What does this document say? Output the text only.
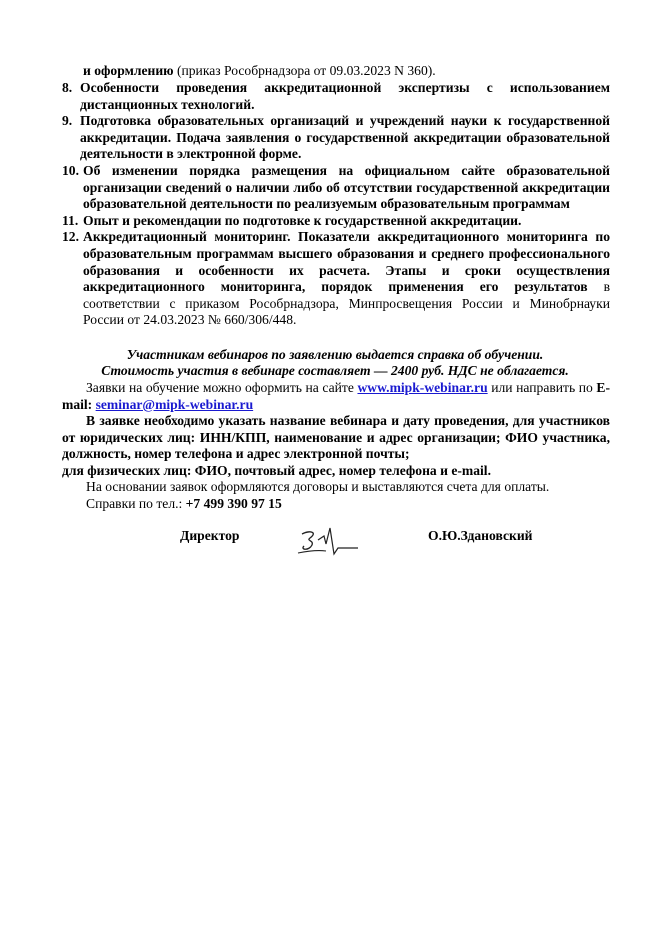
и оформлению (приказ Рособрнадзора от 09.03.2023 N 360).
8. Особенности проведения аккредитационной экспертизы с использованием дистанционных технологий.
9. Подготовка образовательных организаций и учреждений науки к государственной аккредитации. Подача заявления о государственной аккредитации образовательной деятельности в электронной форме.
10. Об изменении порядка размещения на официальном сайте образовательной организации сведений о наличии либо об отсутствии государственной аккредитации образовательной деятельности по реализуемым образовательным программам
11. Опыт и рекомендации по подготовке к государственной аккредитации.
12. Аккредитационный мониторинг. Показатели аккредитационного мониторинга по образовательным программам высшего образования и среднего профессионального образования и особенности их расчета. Этапы и сроки осуществления аккредитационного мониторинга, порядок применения его результатов в соответствии с приказом Рособрнадзора, Минпросвещения России и Минобрнауки России от 24.03.2023 № 660/306/448.
Участникам вебинаров по заявлению выдается справка об обучении.
Стоимость участия в вебинаре составляет — 2400 руб. НДС не облагается.
Заявки на обучение можно оформить на сайте www.mipk-webinar.ru или направить по E-mail: seminar@mipk-webinar.ru
В заявке необходимо указать название вебинара и дату проведения, для участников от юридических лиц: ИНН/КПП, наименование и адрес организации; ФИО участника, должность, номер телефона и адрес электронной почты;
для физических лиц: ФИО, почтовый адрес, номер телефона и e-mail.
На основании заявок оформляются договоры и выставляются счета для оплаты.
Справки по тел.: +7 499 390 97 15
Директор	О.Ю.Здановский
